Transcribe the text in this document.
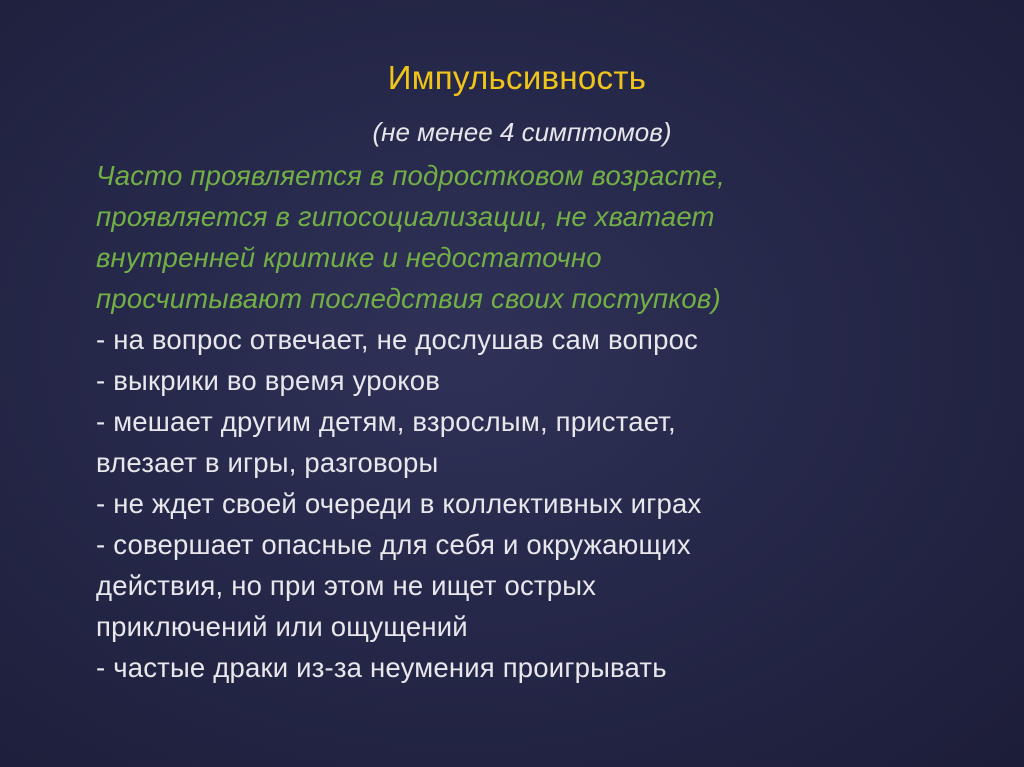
Импульсивность
(не менее 4 симптомов)
Часто проявляется в подростковом возрасте,
проявляется в гипосоциализации, не хватает
внутренней критике и недостаточно
просчитывают последствия своих поступков)
- на вопрос отвечает, не дослушав сам вопрос
- выкрики во время уроков
- мешает другим детям, взрослым, пристает,
влезает в игры, разговоры
- не ждет своей очереди в коллективных играх
- совершает опасные для себя и окружающих
действия, но при этом не ищет острых
приключений или ощущений
- частые драки из-за неумения проигрывать
